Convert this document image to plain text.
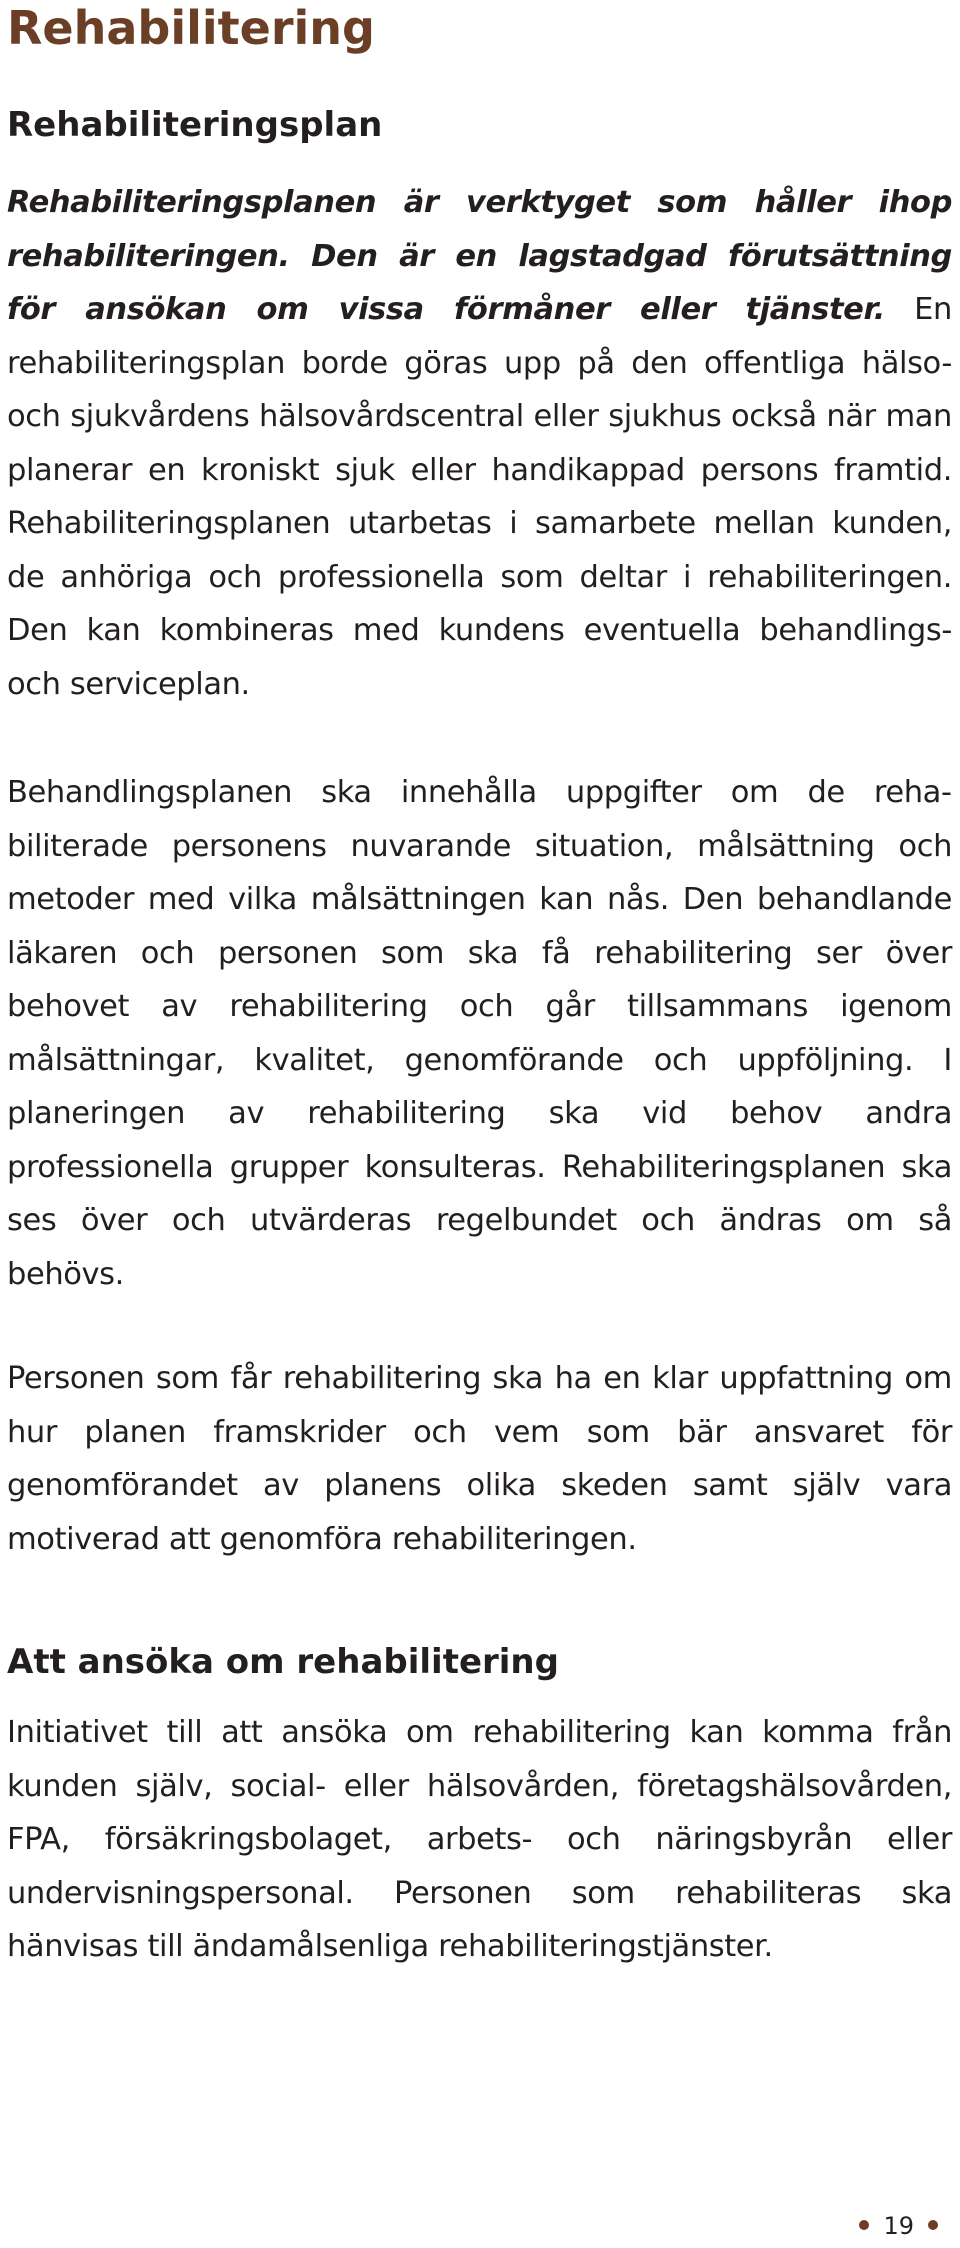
Rehabilitering
Rehabiliteringsplan

Rehabiliteringsplanen är verktyget som håller ihop rehabiliteringen. Den är en lagstadgad förutsättning för ansökan om vissa förmåner eller tjänster. En rehabiliteringsplan borde göras upp på den offentliga hälso- och sjukvårdens hälsovårdscentral eller sjukhus också när man planerar en kroniskt sjuk eller handikappad persons framtid. Rehabiliteringsplanen utarbetas i samarbete mellan kunden, de anhöriga och professionella som deltar i rehabiliteringen. Den kan kombineras med kundens eventuella behandlings- och serviceplan.

Behandlingsplanen ska innehålla uppgifter om de rehabiliterade personens nuvarande situation, målsättning och metoder med vilka målsättningen kan nås. Den behandlande läkaren och personen som ska få rehabilitering ser över behovet av rehabilitering och går tillsammans igenom målsättningar, kvalitet, genomförande och uppföljning. I planeringen av rehabilitering ska vid behov andra professionella grupper konsulteras. Rehabiliteringsplanen ska ses över och utvärderas regelbundet och ändras om så behövs.

Personen som får rehabilitering ska ha en klar uppfattning om hur planen framskrider och vem som bär ansvaret för genomförandet av planens olika skeden samt själv vara motiverad att genomföra rehabiliteringen.

Att ansöka om rehabilitering

Initiativet till att ansöka om rehabilitering kan komma från kunden själv, social- eller hälsovården, företagshälsovården, FPA, försäkringsbolaget, arbets- och näringsbyrån eller undervisningspersonal. Personen som rehabiliteras ska hänvisas till ändamålsenliga rehabiliteringstjänster.

19
